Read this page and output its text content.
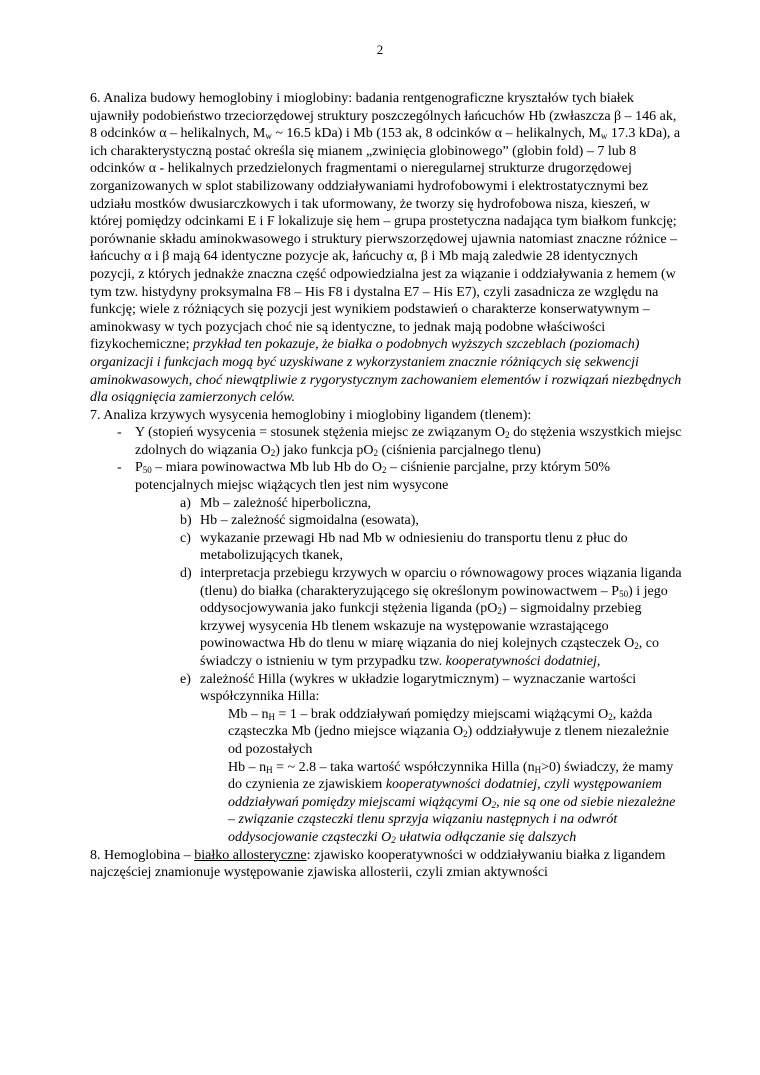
2

6. Analiza budowy hemoglobiny i mioglobiny: badania rentgenograficzne kryształów tych białek ujawniły podobieństwo trzeciorzędowej struktury poszczególnych łańcuchów Hb (zwłaszcza β – 146 ak, 8 odcinków α – helikalnych, $M_w$ ~ 16.5 kDa) i Mb (153 ak, 8 odcinków α – helikalnych, $M_w$ 17.3 kDa), a ich charakterystyczną postać określa się mianem „zwinięcia globinowego” (globin fold) – 7 lub 8 odcinków α - helikalnych przedzielonych fragmentami o nieregularnej strukturze drugorzędowej zorganizowanych w splot stabilizowany oddziaływaniami hydrofobowymi i elektrostatycznymi bez udziału mostków dwusiarczkowych i tak uformowany, że tworzy się hydrofobowa nisza, kieszeń, w której pomiędzy odcinkami E i F lokalizuje się hem – grupa prostetyczna nadająca tym białkom funkcję; porównanie składu aminokwasowego i struktury pierwszorzędowej ujawnia natomiast znaczne różnice – łańcuchy α i β mają 64 identyczne pozycje ak, łańcuchy α, β i Mb mają zaledwie 28 identycznych pozycji, z których jednakże znaczna część odpowiedzialna jest za wiązanie i oddziaływania z hemem (w tym tzw. histydyny proksymalna F8 – His F8 i dystalna E7 – His E7), czyli zasadnicza ze względu na funkcję; wiele z różniących się pozycji jest wynikiem podstawień o charakterze konserwatywnym – aminokwasy w tych pozycjach choć nie są identyczne, to jednak mają podobne właściwości fizykochemiczne; przykład ten pokazuje, że białka o podobnych wyższych szczeblach (poziomach) organizacji i funkcjach mogą być uzyskiwane z wykorzystaniem znacznie różniących się sekwencji aminokwasowych, choć niewątpliwie z rygorystycznym zachowaniem elementów i rozwiązań niezbędnych dla osiągnięcia zamierzonych celów.

7. Analiza krzywych wysycenia hemoglobiny i mioglobiny ligandem (tlenem):

- Y (stopień wysycenia = stosunek stężenia miejsc ze związanym $O_2$ do stężenia wszystkich miejsc zdolnych do wiązania $O_2$) jako funkcja $pO_2$ (ciśnienia parcjalnego tlenu)
- $P_{50}$ – miara powinowactwa Mb lub Hb do $O_2$ – ciśnienie parcjalne, przy którym 50% potencjalnych miejsc wiążących tlen jest nim wysycone
a) Mb – zależność hiperboliczna,
b) Hb – zależność sigmoidalna (esowata),
c) wykazanie przewagi Hb nad Mb w odniesieniu do transportu tlenu z płuc do metabolizujących tkanek,
d) interpretacja przebiegu krzywych w oparciu o równowagowy proces wiązania liganda (tlenu) do białka (charakteryzującego się określonym powinowactwem – $P_{50}$) i jego oddysocjowywania jako funkcji stężenia liganda $(pO_2)$ – sigmoidalny przebieg krzywej wysycenia Hb tlenem wskazuje na występowanie wzrastającego powinowactwa Hb do tlenu w miarę wiązania do niej kolejnych cząsteczek $O_2$, co świadczy o istnieniu w tym przypadku tzw. kooperatywności dodatniej,
e) zależność Hilla (wykres w układzie logarytmicznym) – wyznaczanie wartości współczynnika Hilla:
$Mb - n_H = 1$ – brak oddziaływań pomiędzy miejscami wiążącymi $O_2$, każda cząsteczka Mb (jedno miejsce wiązania $O_2$) oddziaływuje z tlenem niezależnie od pozostałych
Hb – $n_H$ = ~ 2.8 – taka wartość współczynnika Hilla $(n_H>0)$ świadczy, że mamy do czynienia ze zjawiskiem kooperatywności dodatniej, czyli występowaniem oddziaływań pomiędzy miejscami wiążącymi $O_2$, nie są one od siebie niezależne
– związanie cząsteczki tlenu sprzyja wiązaniu następnych i na odwrót oddysocjowanie cząsteczki $O_2$ ułatwia odłączanie się dalszych

8. Hemoglobina – białko allosteryczne: zjawisko kooperatywności w oddziaływaniu białka z ligandem najczęściej znamionuje występowanie zjawiska allosterii, czyli zmian aktywności
